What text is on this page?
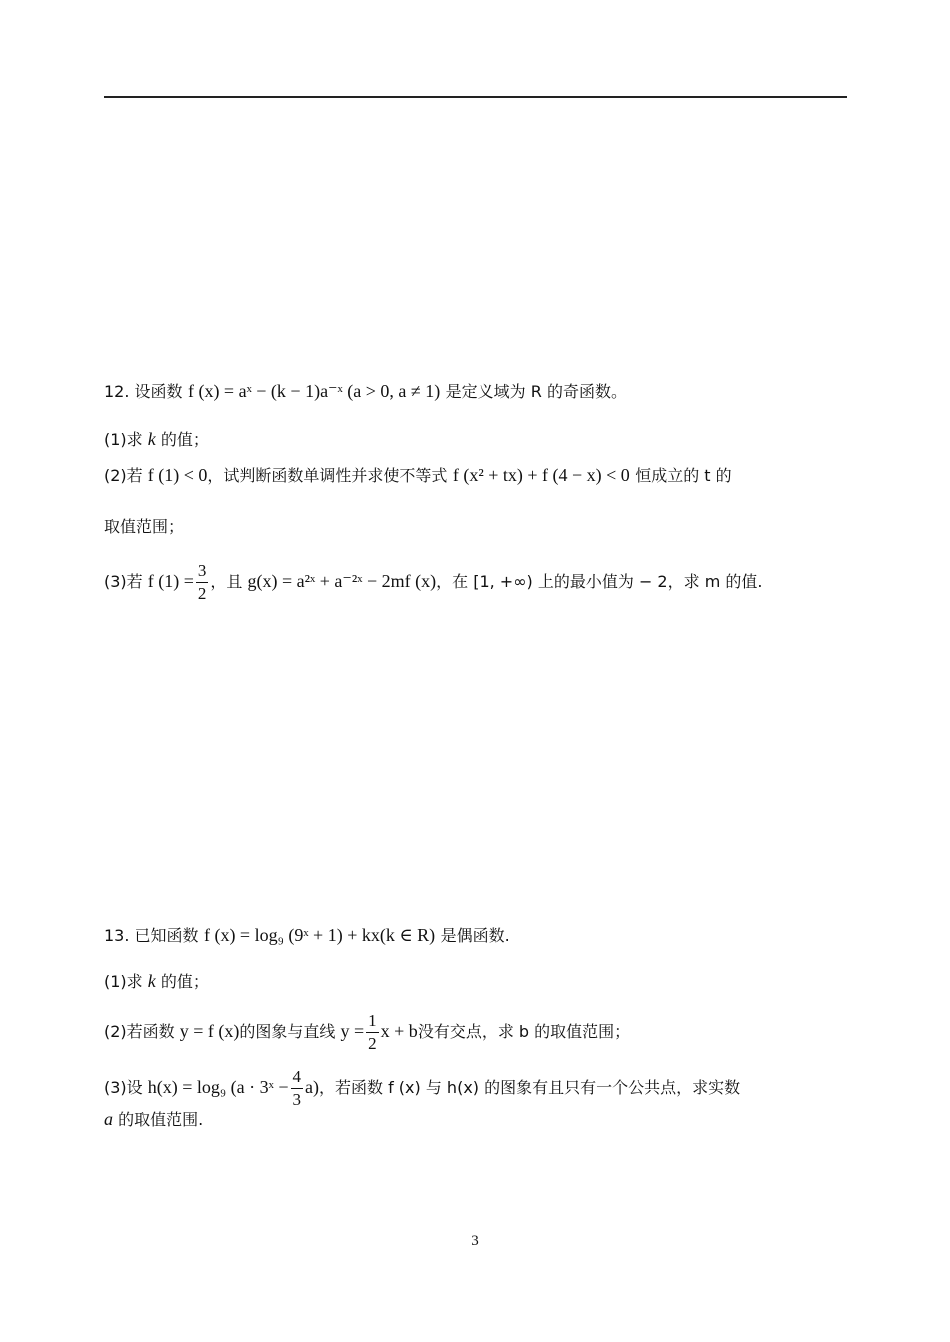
12. 设函数 f (x) = aˣ − (k − 1)a⁻ˣ (a > 0, a ≠ 1) 是定义域为 R 的奇函数。
(1)求 k 的值；
(2)若 f (1) < 0，试判断函数单调性并求使不等式 f (x² + tx) + f (4 − x) < 0 恒成立的 t 的
取值范围；
(3)若 f $(1) = \frac{3}{2}$ ，且 g(x) = a²ˣ + a⁻²ˣ − 2mf (x)，在 [1, +∞) 上的最小值为 − 2，求 m 的值.
13. 已知函数 f (x) = log₉ (9ˣ + 1) + kx(k ∈ R) 是偶函数.
(1)求 k 的值；
(2)若函数 y = f (x)的图象与直线 $y = \frac{1}{2}$ x + b没有交点，求 b 的取值范围；
(3)设 h(x) = log₉ (a · 3ˣ − $\frac{4}{3} a$)，若函数 f (x) 与 h(x) 的图象有且只有一个公共点，求实数
a 的取值范围.
3
